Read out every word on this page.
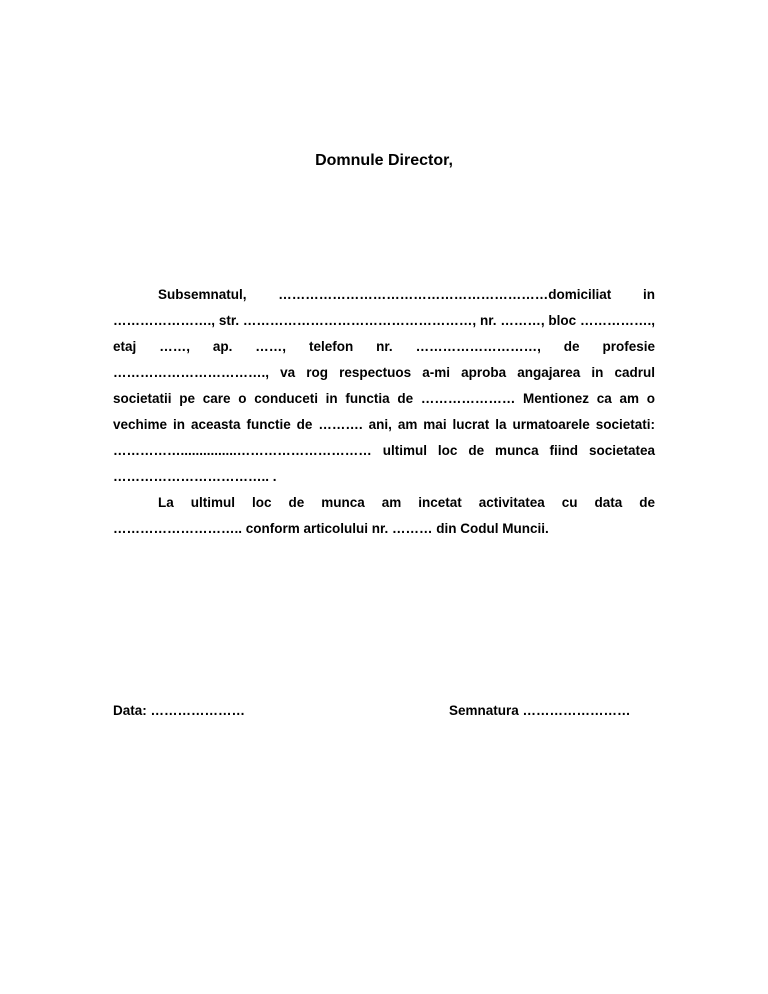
Domnule Director,

Subsemnatul, ……………………………………………………domiciliat in …………………., str. ……………………………………………, nr. ………, bloc ……………., etaj ……, ap. ……, telefon nr. ………………………, de profesie ……………………………., va rog respectuos a-mi aproba angajarea in cadrul societatii pe care o conduceti in functia de ………………… Mentionez ca am o vechime in aceasta functie de ………. ani, am mai lucrat la urmatoarele societati: ……………...............………………………… ultimul loc de munca fiind societatea …………………………….. .

La ultimul loc de munca am incetat activitatea cu data de ……………………….. conform articolului nr. ……… din Codul Muncii.

Data: …………………	Semnatura ……………………
